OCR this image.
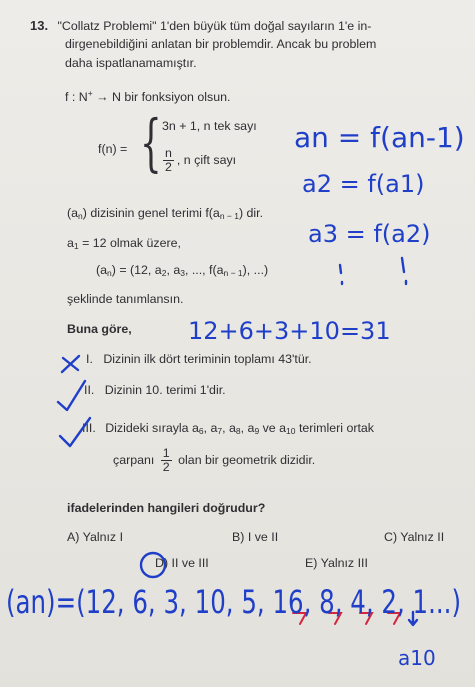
13. "Collatz Problemi" 1'den büyük tüm doğal sayıların 1'e in-
dirgenebildiğini anlatan bir problemdir. Ancak bu problem
daha ispatlanamamıştır.
f : N+ → N bir fonksiyon olsun.
f(n) = { 3n + 1, n tek sayı
$\frac{n}{2}$ , n çift sayı
$(a_n)$ dizisinin genel terimi $f(a_{n - 1})$ dir.
$a_1 = 12$ olmak üzere,
$(a_n) = (12$, $a_2$, $a_3$, ..., $f(a_{n - 1})$, ...)
şeklinde tanımlansın.
Buna göre,
I. Dizinin ilk dört teriminin toplamı 43'tür.
II. Dizinin 10. terimi 1'dir.
III. Dizideki sırayla $a_6$, $a_7$, $a_8$, $a_9$ ve $a_{10}$ terimleri ortak
çarpanı $\frac{1}{2}$ olan bir geometrik dizidir.
ifadelerinden hangileri doğrudur?
A) Yalnız I	B) I ve II	C) Yalnız II
D) II ve III	E) Yalnız III
an = f(an-1)
a2 = f(a1)
a3 = f(a2)
12+6+3+10=31
(an)=(12, 6, 3, 10, 5, 16, 8, 4, 2, 1...)
a10
